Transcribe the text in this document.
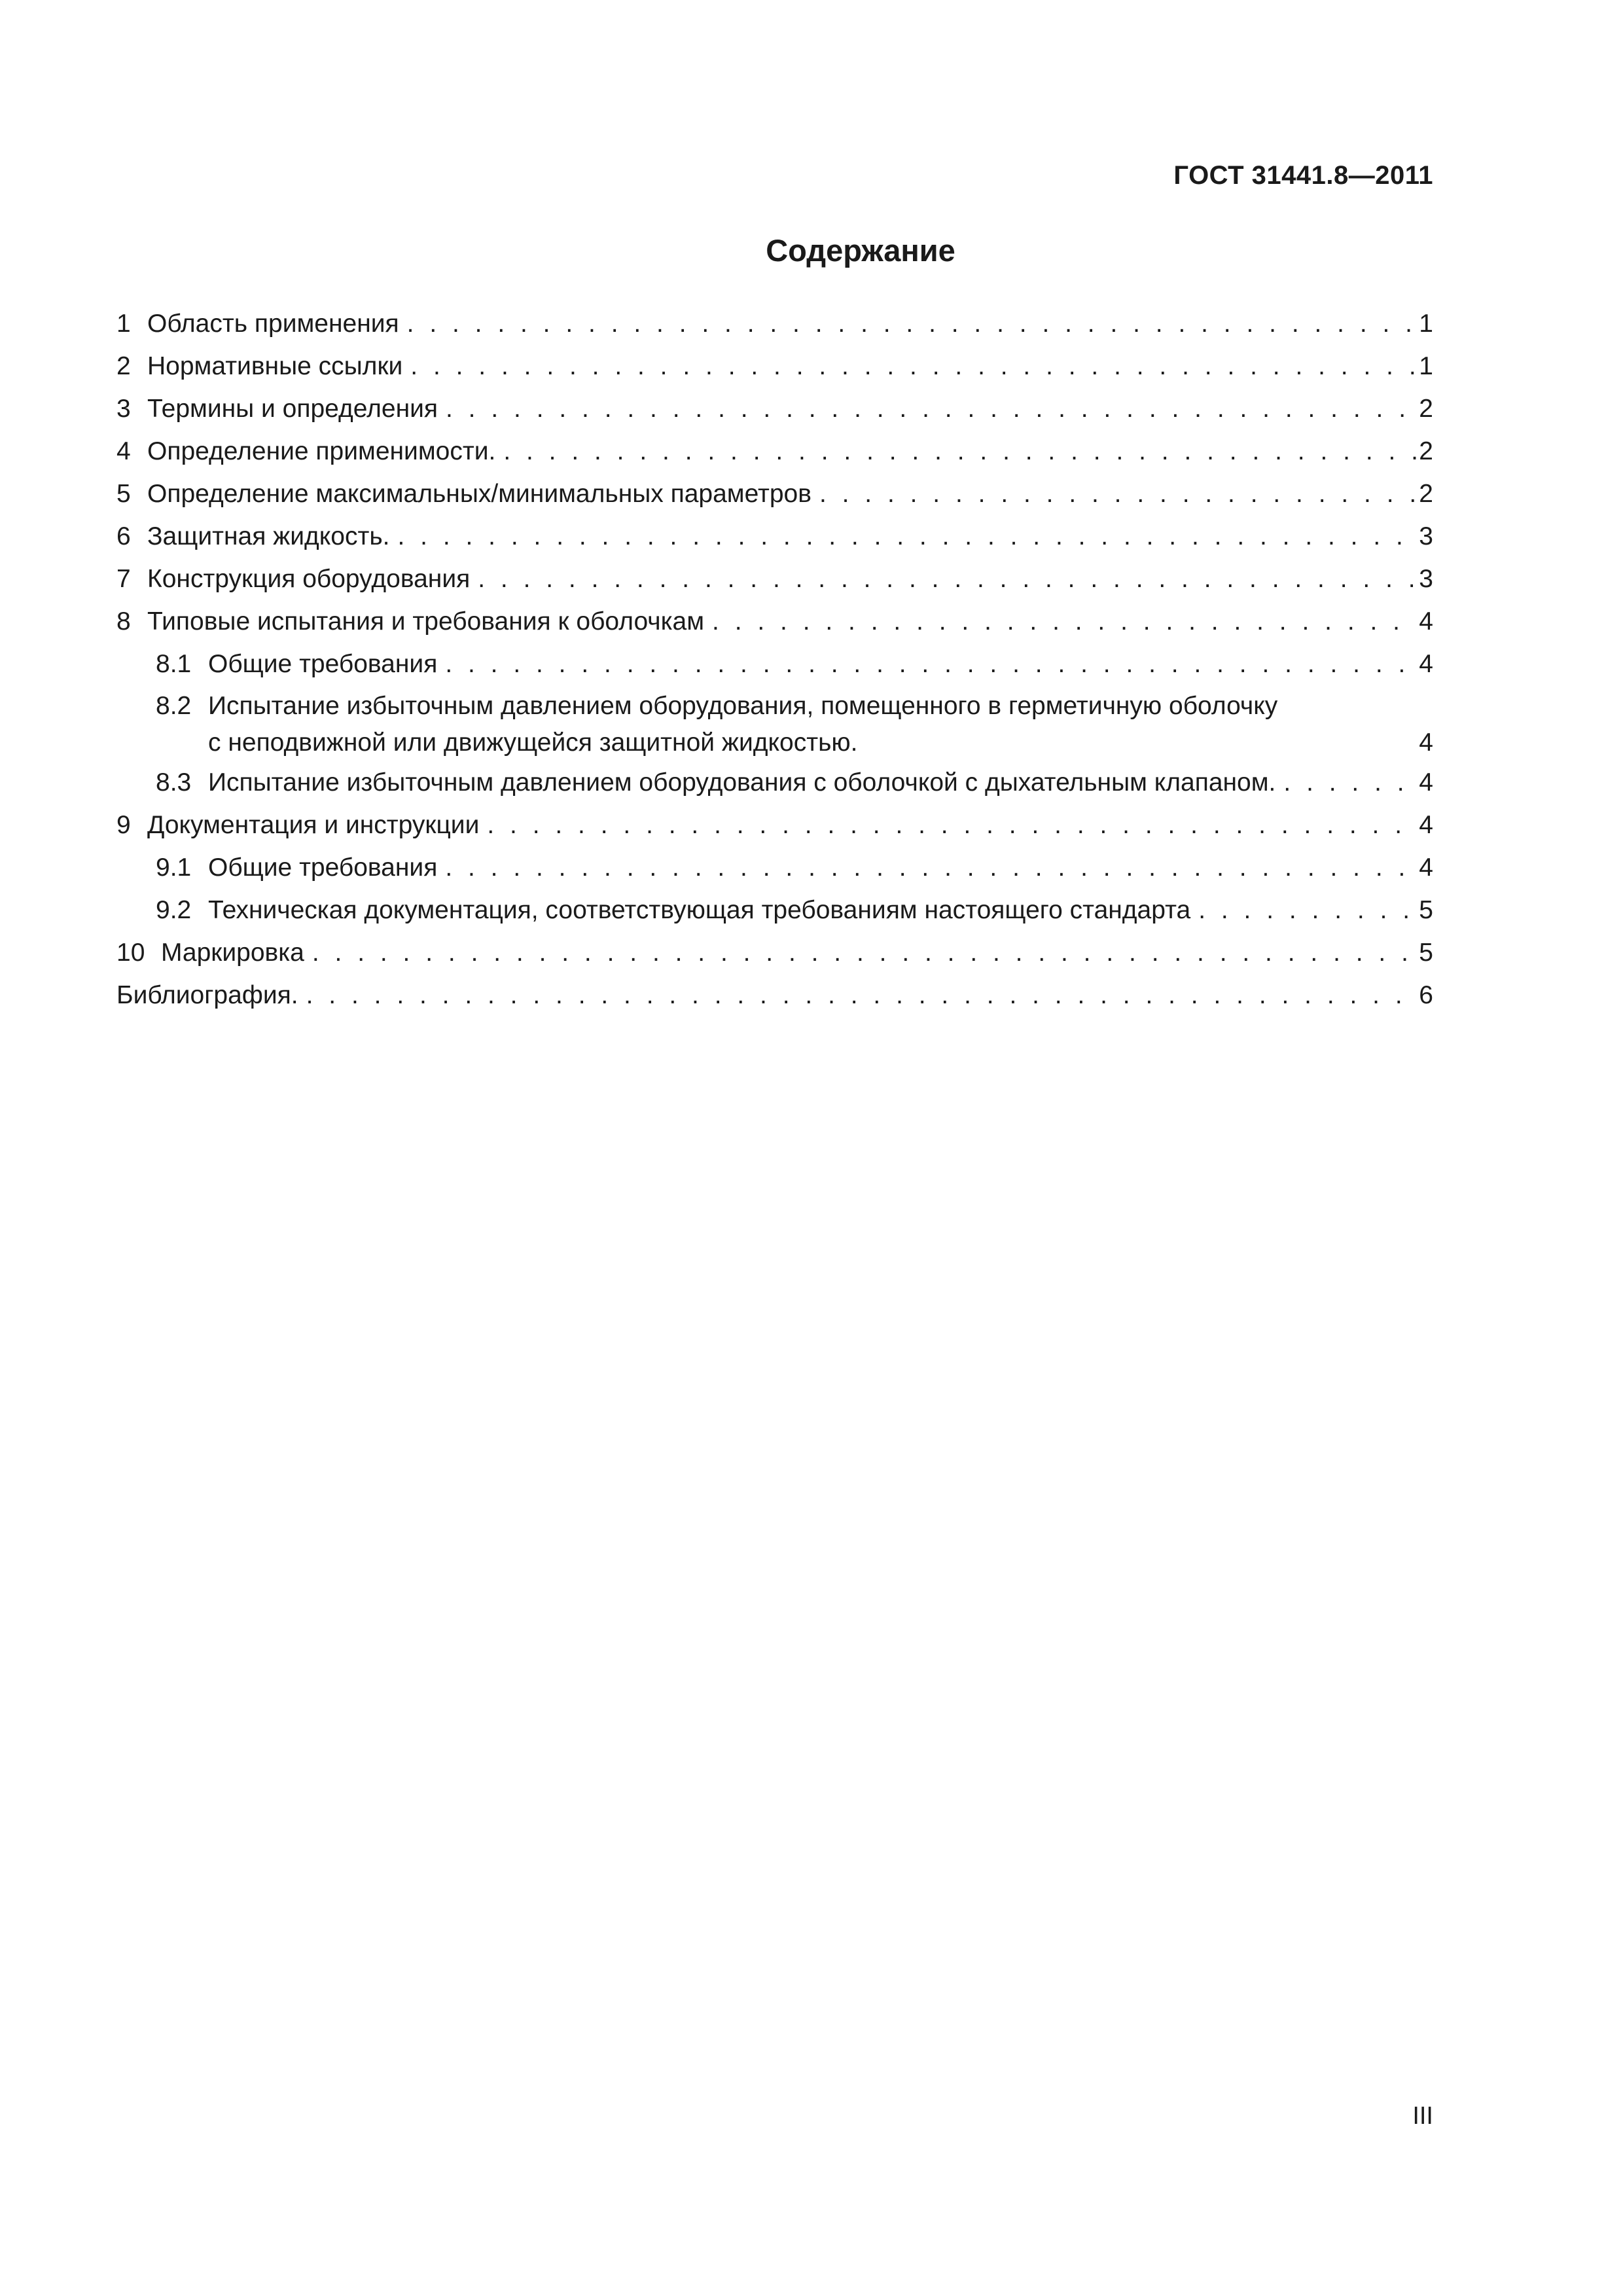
ГОСТ 31441.8—2011
Содержание
1 Область применения . . .	1
2 Нормативные ссылки . . .	1
3 Термины и определения . . .	2
4 Определение применимости. . . .	2
5 Определение максимальных/минимальных параметров . . .	2
6 Защитная жидкость. . . .	3
7 Конструкция оборудования . . .	3
8 Типовые испытания и требования к оболочкам . . .	4
8.1 Общие требования . . .	4
8.2 Испытание избыточным давлением оборудования, помещенного в герметичную оболочку
с неподвижной или движущейся защитной жидкостью.	4
8.3 Испытание избыточным давлением оборудования с оболочкой с дыхательным клапаном. . . .	4
9 Документация и инструкции . . .	4
9.1 Общие требования . . .	4
9.2 Техническая документация, соответствующая требованиям настоящего стандарта . . .	5
10 Маркировка . . .	5
Библиография. . . .	6
III
